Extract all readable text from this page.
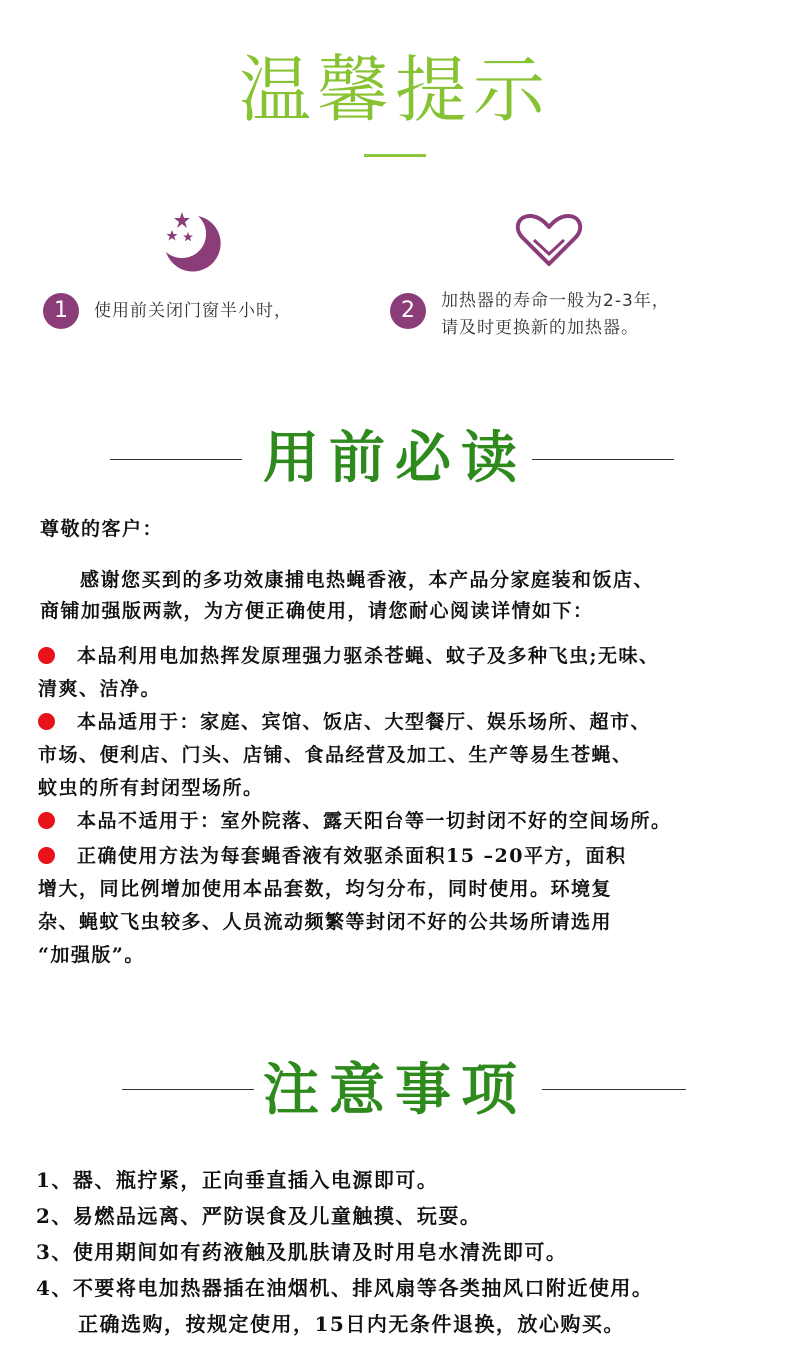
温馨提示
1	使用前关闭门窗半小时，	2	加热器的寿命一般为2-3年，
请及时更换新的加热器。
用前必读
尊敬的客户：
感谢您买到的多功效康捕电热蝇香液，本产品分家庭装和饭店、
商铺加强版两款，为方便正确使用，请您耐心阅读详情如下：
本品利用电加热挥发原理强力驱杀苍蝇、蚊子及多种飞虫;无味、
清爽、洁净。
本品适用于：家庭、宾馆、饭店、大型餐厅、娱乐场所、超市、
市场、便利店、门头、店铺、食品经营及加工、生产等易生苍蝇、
蚊虫的所有封闭型场所。
本品不适用于：室外院落、露天阳台等一切封闭不好的空间场所。
正确使用方法为每套蝇香液有效驱杀面积15 –20平方，面积
增大，同比例增加使用本品套数，均匀分布，同时使用。环境复
杂、蝇蚊飞虫较多、人员流动频繁等封闭不好的公共场所请选用
“加强版”。
注意事项
1、器、瓶拧紧，正向垂直插入电源即可。
2、易燃品远离、严防误食及儿童触摸、玩耍。
3、使用期间如有药液触及肌肤请及时用皂水清洗即可。
4、不要将电加热器插在油烟机、排风扇等各类抽风口附近使用。
正确选购，按规定使用，15日内无条件退换，放心购买。
